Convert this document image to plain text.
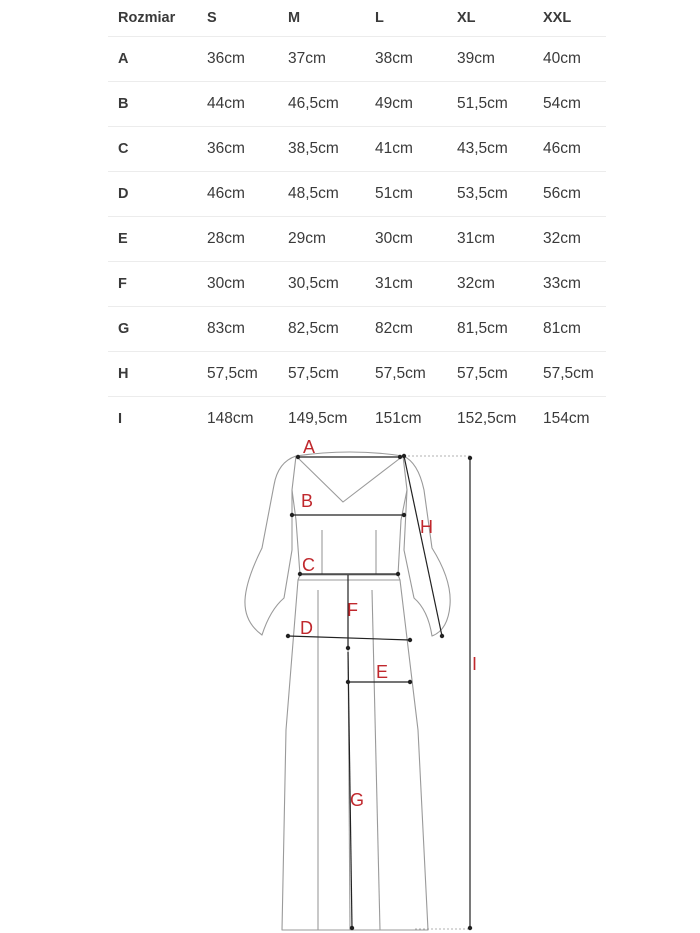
Rozmiar S	M	L	XL	XXL
A	36cm	37cm	38cm	39cm	40cm
B	44cm	46,5cm 49cm	51,5cm 54cm
C	36cm	38,5cm 41cm	43,5cm 46cm
D	46cm	48,5cm 51cm	53,5cm 56cm
E	28cm	29cm	30cm	31cm	32cm
F	30cm	30,5cm 31cm	32cm	33cm
G	83cm	82,5cm 82cm	81,5cm 81cm
H	57,5cm 57,5cm 57,5cm 57,5cm 57,5cm
I	148cm 149,5cm 151cm 152,5cm 154cm
A
B
C
D
E
F
G
H
I
